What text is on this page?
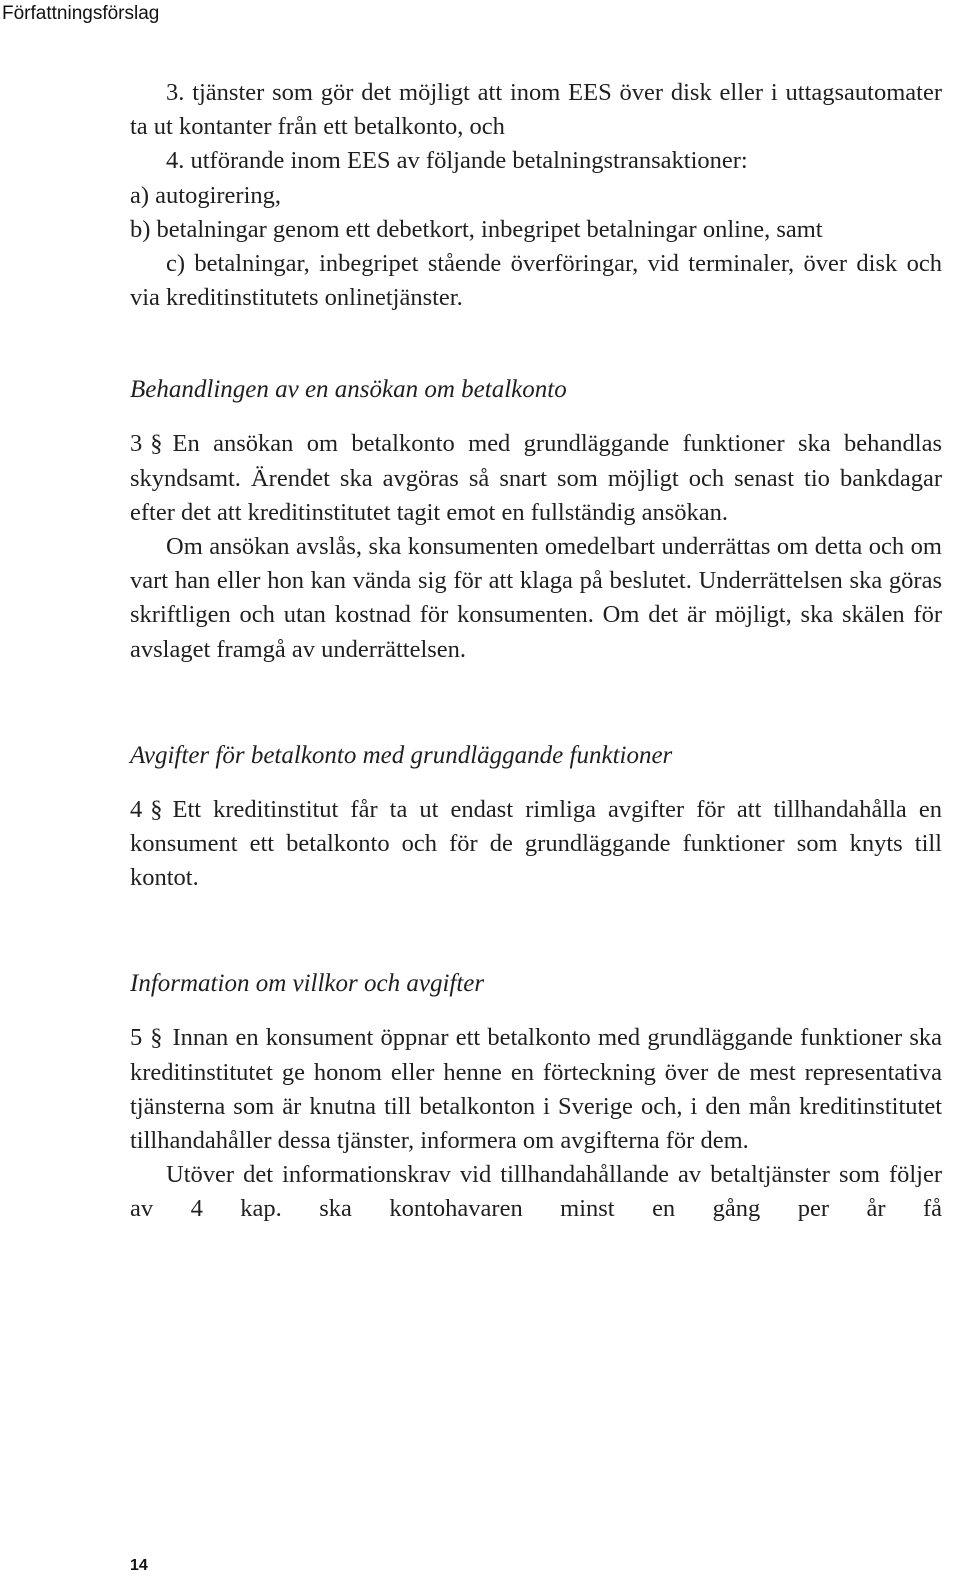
Författningsförslag

3. tjänster som gör det möjligt att inom EES över disk eller i uttagsautomater ta ut kontanter från ett betalkonto, och

4. utförande inom EES av följande betalningstransaktioner:

a) autogirering,

b) betalningar genom ett debetkort, inbegripet betalningar online, samt

c) betalningar, inbegripet stående överföringar, vid terminaler, över disk och via kreditinstitutets onlinetjänster.

Behandlingen av en ansökan om betalkonto

3 § En ansökan om betalkonto med grundläggande funktioner ska behandlas skyndsamt. Ärendet ska avgöras så snart som möjligt och senast tio bankdagar efter det att kreditinstitutet tagit emot en fullständig ansökan.

Om ansökan avslås, ska konsumenten omedelbart underrättas om detta och om vart han eller hon kan vända sig för att klaga på beslutet. Underrättelsen ska göras skriftligen och utan kostnad för konsumenten. Om det är möjligt, ska skälen för avslaget framgå av underrättelsen.

Avgifter för betalkonto med grundläggande funktioner

4 § Ett kreditinstitut får ta ut endast rimliga avgifter för att tillhandahålla en konsument ett betalkonto och för de grundläggande funktioner som knyts till kontot.

Information om villkor och avgifter

5 § Innan en konsument öppnar ett betalkonto med grundläggande funktioner ska kreditinstitutet ge honom eller henne en förteckning över de mest representativa tjänsterna som är knutna till betalkonton i Sverige och, i den mån kreditinstitutet tillhandahåller dessa tjänster, informera om avgifterna för dem.

Utöver det informationskrav vid tillhandahållande av betaltjänster som följer av 4 kap. ska kontohavaren minst en gång per år få

14
